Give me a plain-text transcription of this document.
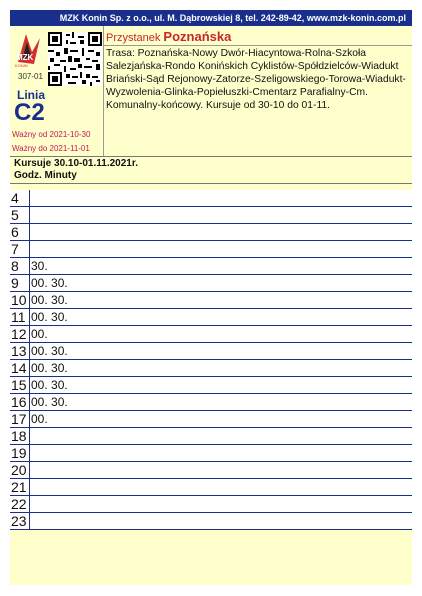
MZK Konin Sp. z o.o., ul. M. Dąbrowskiej 8, tel. 242-89-42, www.mzk-konin.com.pl
MZK
KONIN
307-01
Linia
C2
Ważny od 2021-10-30
Ważny do 2021-11-01
Przystanek Poznańska
Trasa: Poznańska-Nowy Dwór-Hiacyntowa-Rolna-Szkoła Salezjańska-Rondo Konińskich Cyklistów-Spółdzielców-Wiadukt Briański-Sąd Rejonowy-Zatorze-Szeligowskiego-Torowa-Wiadukt-Wyzwolenia-Glinka-Popiełuszki-Cmentarz Parafialny-Cm. Komunalny-końcowy. Kursuje od 30-10 do 01-11.
Kursuje 30.10-01.11.2021r.
Godz. Minuty
4
5
6
7
8	30.
9	00. 30.
10 00. 30.
11 00. 30.
12 00.
13 00. 30.
14 00. 30.
15 00. 30.
16 00. 30.
17 00.
18
19
20
21
22
23
